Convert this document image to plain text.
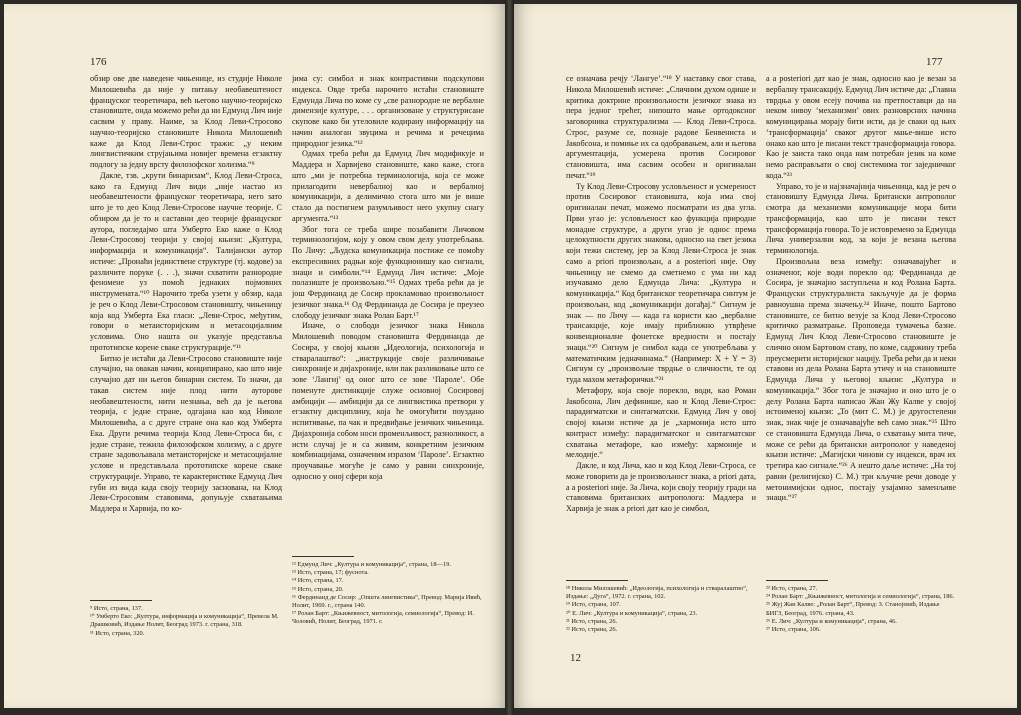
176

обзир ове две наведене чињенице, из студије Николе Милошевића да није у питању необавештеност француског теоретичара, већ његово научно-теоријско становиште, онда можемо рећи да ни Едмунд Лич није сасвим у праву. Наиме, за Клод Леви-Стросово научно-теоријско становиште Никола Милошевић каже да Клод Леви-Строс тражи: „у неким лингвистичким струјањима новијег времена егзактну подлогу за једну врсту филозофског холизма.“⁹

Дакле, тзв. „крути бинаризам“, Клод Леви-Строса, како га Едмунд Лич види „није настао из необавештености француског теоретичара, него зато што је то део Клод Леви-Стросове научне теорије. С обзиром да је то и саставни део теорије француског аутора, погледајмо шта Умберто Еко каже о Клод Леви-Стросовој теорији у својој књизи: „Култура, информација и комуникација“. Талијански аутор истиче: „Пронаћи јединствене структуре (тј. кодове) за различите поруке (. . .), значи схватити разнородне феномене уз помоћ једнаких појмовних инструмената.“¹⁰ Нарочито треба узети у обзир, када је реч о Клод Леви-Стросовом становишту, чињеницу која код Умберта Ека гласи: „Леви-Строс, међутим, говори о метаисторијским и метасоцијалним условима. Оно нашта он указује представља прототипске корене сваке структурације.“¹¹

Битно је истаћи да Леви-Стросово становиште није случајно, на овакав начин, конципирано, као што није случајно дат ни његов бинарни систем. То значи, да такав систем није плод нити ауторове необавештености, нити незнања, већ да је његова теорија, с једне стране, одгајана као код Николе Милошевића, а с друге стране она као код Умберта Ека. Други речима теорија Клод Леви-Строса би, с једне стране, тежила филозофском холизму, а с друге стране задовољавала метаисторијске и метасоцијалне услове и представљала прототипске корене сваке структурације. Управо, те карактеристике Едмунд Лич губи из вида када своју теорију заснована, на Клод Леви-Стросовим ставовима, допуњује схватањима Мадлера и Харвија, по ко-

⁹ Исто, страна, 137.
¹⁰ Умберто Еко: „Култура, информација и комуникација“, Превела М. Драшковић, Издање Нолит, Београд 1973. г. страна, 318.
¹¹ Исто, страна, 320.

јима су: симбол и знак контрастивни подскупови индекса. Овде треба нарочито истаћи становиште Едмунда Лича по коме су „све разнородне не вербалне димензије културе, . . . организоване у структурисане скупове како би утеловиле кодирану информацију на начин аналоган звуцима и речима и речецима природног језика.“¹²

Одмах треба рећи да Едмунд Лич модификује и Маддера и Харвијево становиште, како каже, стога што „ми је потребна терминологија, која се може прилагодити невербалној као и вербалној комуникацији, а делимично стога што ми је више стало да постигнем разумљивост него укупну снагу аргумента.“¹³

Због тога се треба шире позабавити Личовом терминологијом, коју у овом свом делу употребљава. По Личу: „Људска комуникација постиже се помоћу експресивних радњи које функционишу као сигнали, знаци и симболи.“¹⁴ Едмунд Лич истиче: „Моје полазиште је произвољно.“¹⁵ Одмах треба рећи да је још Фердинанд де Сосир прокламовао произвољност језичког знака.¹⁶ Од Фердинанда де Сосира је преузео слободу језичког знака Ролан Барт.¹⁷

Иначе, о слободи језичког знака Никола Милошевић поводом становишта Фердинанда де Сосира, у својој књизи „Идеологија, психологија и стваралаштво“: „инструкције своје различивање синхроније и дијахроније, или пак разликовање што се зове ‘Лангиј’ од оног што се зове ‘Пароле’. Обе поменуте дистинкције служе основној Сосировој амбицији — амбицији да се лингвистика претвори у егзактну дисциплину, која ће омогућити поуздано испитивање, па чак и предвиђање језичких чињеница. Дијахронија собом носи променљивост, разноликост, а исти случај је и са живим, конкретним језичким комбинацијама, означеним изразом ‘Пароле’. Егзактно проучавање могуће је само у равни синхроније, односно у оној сфери која

¹² Едмунд Лич: „Култура и комуникација“, страна, 18—19.
¹³ Исто, страна, 17; фуснота.
¹⁴ Исто, страна, 17.
¹⁵ Исто, страна, 20.
¹⁶ Фердинанд де Сосир: „Општа лингвистика“, Превод: Марија Ивић, Нолит, 1969. г., страна 140.
¹⁷ Ролан Барт: „Књижевност, митологија, семиологија“, Превод: И. Чоловић, Нолит, Београд, 1971. г.
177

се означава речју ‘Лангуе’.“¹⁸ У наставку свог става, Никола Милошевић истиче: „Сличним духом одише и критика доктрине произвољности језичког знака из пера једног трећег, нипошто мање ортодоксног заговорника структурализма — Клод Леви-Строса. Строс, разуме се, познаје радове Бенвениста и Јакобсона, и помиње их са одобравањем, али и његова аргументација, усмерена против Сосировог становишта, има сасвим особен и оригиналан печат.“¹⁹

Ту Клод Леви-Стросову условљеност и усмереност против Сосировог становишта, која има свој оригиналан печат, можемо посматрати из два угла. Први угао је: условљеност као функција природне монадне структуре, а други угао је однос према целокупности других знакова, односно на свет језика који тежи систему, јер за Клод Леви-Строса је знак само a priori произвољан, а a posteriori није. Ову чињеницу не смемо да сметнемо с ума ни кад изучавамо дело Едмунда Лича: „Култура и комуникација.“ Код британског теоретичара синтум је произвољан, код „комуникацији догађај.“ Сигнум је знак — по Личу — када га користи као „вербалне трансакције, које имају приближно утврђене конвенционалне фонетске вредности и постају знаци.“²⁰ Сигнум је симбол када се употребљава у математичким једначинама.“ (Например: X + Y = 3) Сигнум су „произвољне тврдње о сличности, те од туда махом метафорички.“²¹

Метафору, која своје порекло, води, као Роман Јакобсона, Лич дефинише, као и Клод Леви-Строс: парадигматски и синтагматски. Едмунд Лич у овој својој књизи истиче да је „хармонија исто што контраст између: парадигматског и синтагматског схватања метафоре, као између: хармоније и мелодије.“

Дакле, и код Лича, као и код Клод Леви-Строса, се може говорити да је произвољност знака, a priori дата, а a posteriori није. За Лича, који своју теорију гради на ставовима британских антрополога: Мадлера и Харвија је знак a priori дат као је симбол,

¹⁸ Никола Милошевић: „Идеологија, психологија и стваралаштво“, Издање: „Дуга“, 1972. г. страна, 102.
¹⁹ Исто, страна, 107.
²⁰ Е. Лич: „Култура и комуникација“, страна, 23.
²¹ Исто, страна, 26.
²² Исто, страна, 26.
12

а a posteriori дат као је знак, односно као је везан за вербалну трансакцију. Едмунд Лич истиче да: „Главна тврдња у овом есеју почива на претпоставци да на неком нивоу ‘механизми’ ових разноврсних начина комуницирања морају бити исти, да је сваки од њих ‘трансформација’ сваког другог мање-више исто онако као што је писани текст трансформација говора. Као је заиста тако онда нам потребан језик на коме немо расправљати о свој системима тог заједничког кода.“²³

Управо, то је и најзначајнија чињеница, кад је реч о становишту Едмунда Лича. Британски антрополог смотра да механизми комуникације мора бити трансформација, као што је писани текст трансформација говора. То је истовремено за Едмунда Лича универзални код, за који је везана његова терминологија.

Произвољна веза између: означавајућег и означеног, које води порекло од: Фердинанда де Сосира, је значајно заступљена и код Ролана Барта. Француски структуралиста закључује да је форма равноушна према значењу.²⁴ Иначе, пошто Бартово становиште, се битно везује за Клод Леви-Стросово критичко разматрање. Проповеда тумачења базне. Едмунд Лич Клод Леви-Стросово становиште је слично оном Бартовом ставу, по коме, садржину треба преусмерити историјског нацију. Треба рећи да и неки ставови из дела Ролана Барта утичу и на становиште Едмунда Лича у његовој књизи: „Култура и комуникација.“ Због тога је значајно и оно што је о делу Ролана Барта написао Жан Жу Калве у својој истоименој књизи: „То (мит С. М.) је другостепени знак, знак чије је означавајуће већ само знак.“²⁵ Што се становишта Едмунда Лича, о схватању мита тиче, може се рећи да британски антрополог у наведеној књизи истиче: „Магијски чинови су индекси, врач их третира као сигнале.“²⁶ А нешто даље истиче: „На тој равни (религијско) С. М.) три кључне речи доводе у метонимијски однос, постају узајамно заменљиве знаци.“²⁷

²³ Исто, страна, 27.
²⁴ Ролан Барт: „Књижевност, митологија и семиологија“, страна, 186.
²⁵ Жуј Жан Калве: „Ролан Барт“, Превод: З. Станојевић, Издање БИГЗ, Београд, 1976. страна, 43.
²⁶ Е. Лич: „Култура и комуникација“, страна, 46.
²⁷ Исто, страна, 106.
